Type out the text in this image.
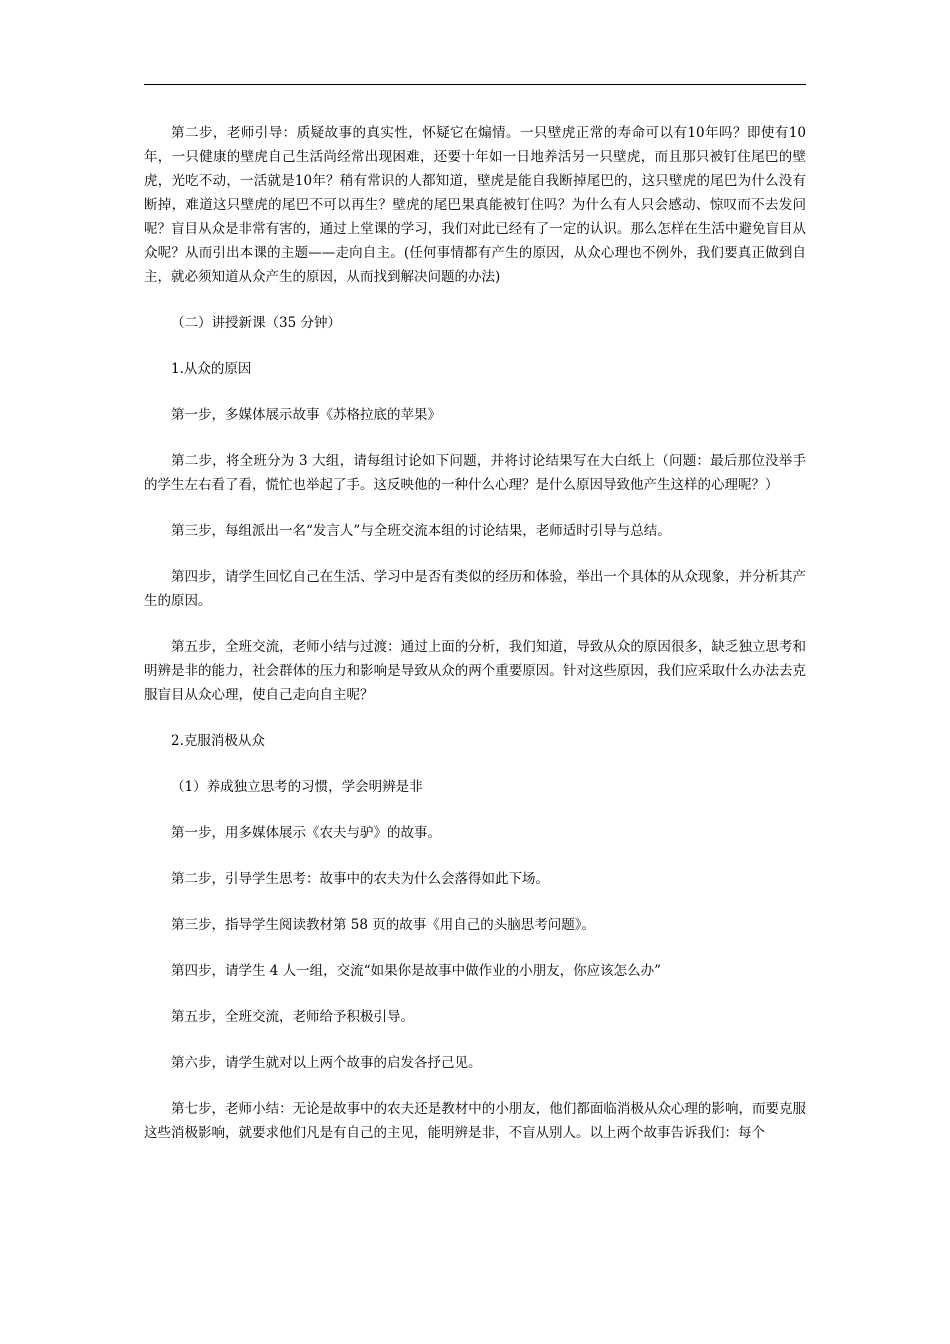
第二步，老师引导：质疑故事的真实性，怀疑它在煽情。一只壁虎正常的寿命可以有10年吗？即使有10年，一只健康的壁虎自己生活尚经常出现困难，还要十年如一日地养活另一只壁虎，而且那只被钉住尾巴的壁虎，光吃不动，一活就是10年？稍有常识的人都知道，壁虎是能自我断掉尾巴的，这只壁虎的尾巴为什么没有断掉，难道这只壁虎的尾巴不可以再生？壁虎的尾巴果真能被钉住吗？为什么有人只会感动、惊叹而不去发问呢？盲目从众是非常有害的，通过上堂课的学习，我们对此已经有了一定的认识。那么怎样在生活中避免盲目从众呢？从而引出本课的主题——走向自主。(任何事情都有产生的原因，从众心理也不例外，我们要真正做到自主，就必须知道从众产生的原因，从而找到解决问题的办法)

（二）讲授新课（35 分钟）

1.从众的原因

第一步，多媒体展示故事《苏格拉底的苹果》

第二步，将全班分为 3 大组，请每组讨论如下问题，并将讨论结果写在大白纸上（问题：最后那位没举手的学生左右看了看，慌忙也举起了手。这反映他的一种什么心理？是什么原因导致他产生这样的心理呢？）

第三步，每组派出一名“发言人”与全班交流本组的讨论结果，老师适时引导与总结。

第四步，请学生回忆自己在生活、学习中是否有类似的经历和体验，举出一个具体的从众现象，并分析其产生的原因。

第五步，全班交流，老师小结与过渡：通过上面的分析，我们知道，导致从众的原因很多，缺乏独立思考和明辨是非的能力，社会群体的压力和影响是导致从众的两个重要原因。针对这些原因，我们应采取什么办法去克服盲目从众心理，使自己走向自主呢？

2.克服消极从众

（1）养成独立思考的习惯，学会明辨是非

第一步，用多媒体展示《农夫与驴》的故事。

第二步，引导学生思考：故事中的农夫为什么会落得如此下场。

第三步，指导学生阅读教材第 58 页的故事《用自己的头脑思考问题》。

第四步，请学生 4 人一组，交流“如果你是故事中做作业的小朋友，你应该怎么办”

第五步，全班交流，老师给予积极引导。

第六步，请学生就对以上两个故事的启发各抒己见。

第七步，老师小结：无论是故事中的农夫还是教材中的小朋友，他们都面临消极从众心理的影响，而要克服这些消极影响，就要求他们凡是有自己的主见，能明辨是非，不盲从别人。以上两个故事告诉我们：每个
